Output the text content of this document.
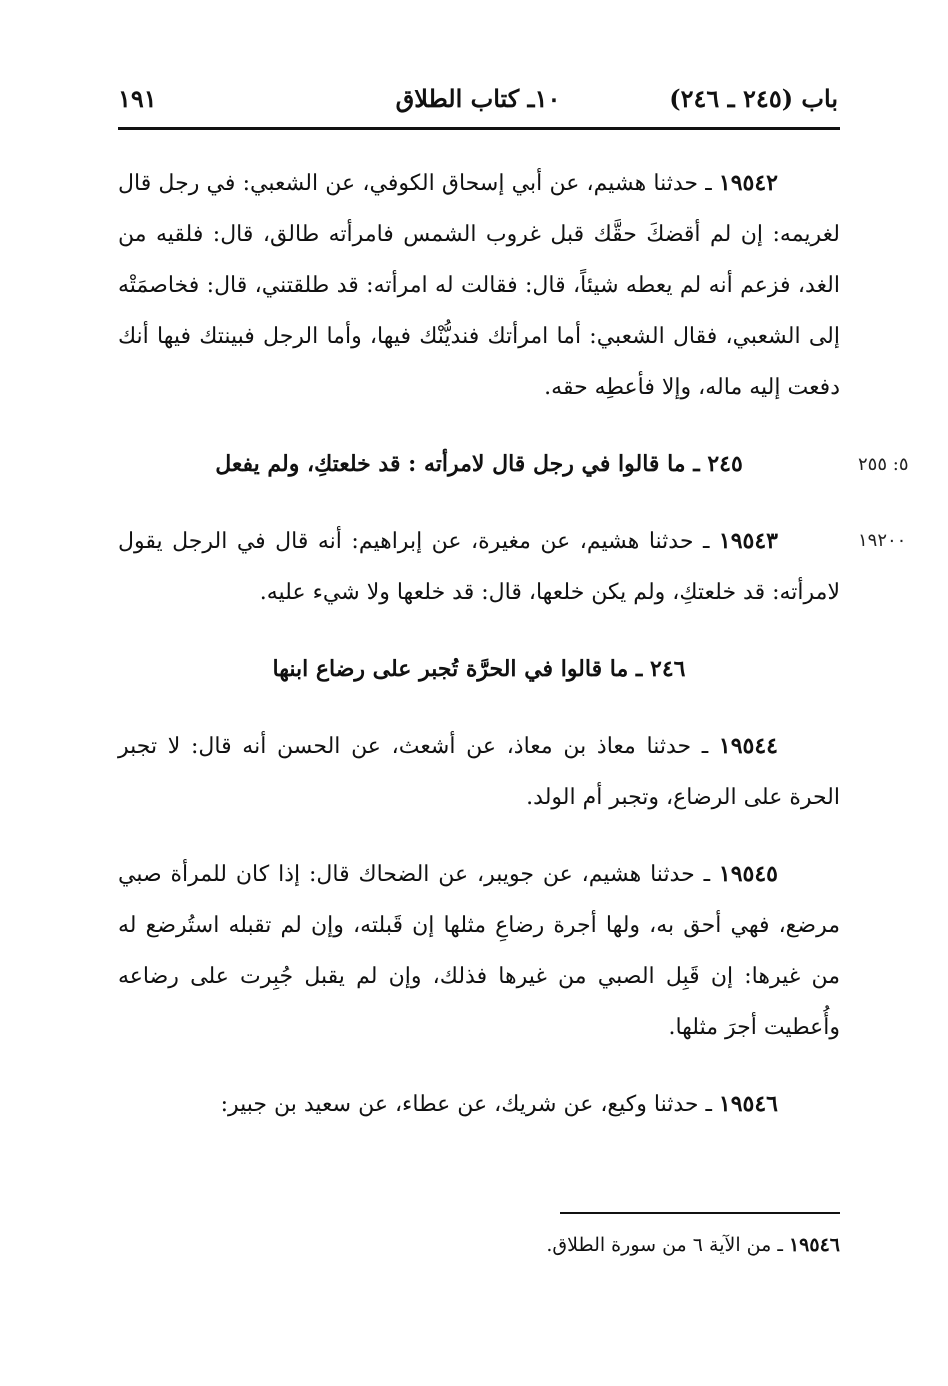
باب (٢٤٥ ـ ٢٤٦)
١٠ـ كتاب الطلاق
١٩١
٥: ٢٥٥
١٩٢٠٠

١٩٥٤٢ ـ حدثنا هشيم، عن أبي إسحاق الكوفي، عن الشعبي: في رجل قال لغريمه: إن لم أقضكَ حقَّك قبل غروب الشمس فامرأته طالق، قال: فلقيه من الغد، فزعم أنه لم يعطه شيئاً، قال: فقالت له امرأته: قد طلقتني، قال: فخاصمَتْه إلى الشعبي، فقال الشعبي: أما امرأتك فنديُّنْك فيها، وأما الرجل فبينتك فيها أنك دفعت إليه ماله، وإلا فأعطِه حقه.

٢٤٥ ـ ما قالوا في رجل قال لامرأته : قد خلعتكِ، ولم يفعل

١٩٥٤٣ ـ حدثنا هشيم، عن مغيرة، عن إبراهيم: أنه قال في الرجل يقول لامرأته: قد خلعتكِ، ولم يكن خلعها، قال: قد خلعها ولا شيء عليه.

٢٤٦ ـ ما قالوا في الحرَّة تُجبر على رضاع ابنها

١٩٥٤٤ ـ حدثنا معاذ بن معاذ، عن أشعث، عن الحسن أنه قال: لا تجبر الحرة على الرضاع، وتجبر أم الولد.

١٩٥٤٥ ـ حدثنا هشيم، عن جويبر، عن الضحاك قال: إذا كان للمرأة صبي مرضع، فهي أحق به، ولها أجرة رضاعِ مثلها إن قَبلته، وإن لم تقبله استُرضع له من غيرها: إن قَبِل الصبي من غيرها فذلك، وإن لم يقبل جُبِرت على رضاعه وأُعطيت أجرَ مثلها.

١٩٥٤٦ ـ حدثنا وكيع، عن شريك، عن عطاء، عن سعيد بن جبير:

١٩٥٤٦ ـ من الآية ٦ من سورة الطلاق.
